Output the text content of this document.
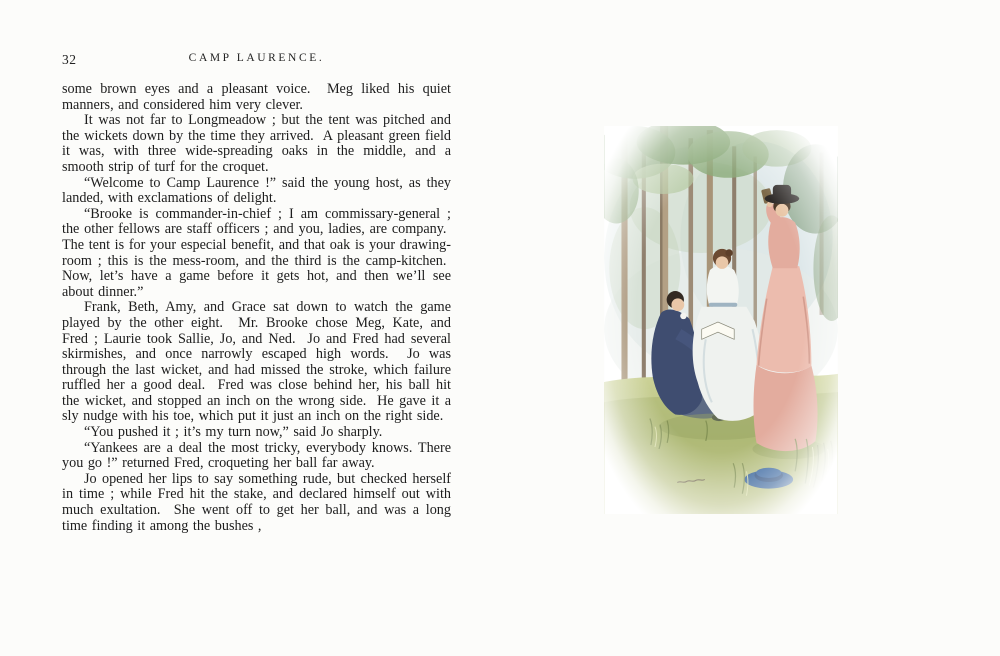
32	CAMP LAURENCE.

some brown eyes and a pleasant voice.  Meg liked his quiet manners, and considered him very clever.

It was not far to Longmeadow ; but the tent was pitched and the wickets down by the time they arrived.  A pleasant green field it was, with three wide-spreading oaks in the middle, and a smooth strip of turf for the croquet.

“Welcome to Camp Laurence !” said the young host, as they landed, with exclamations of delight.

“Brooke is commander-in-chief ; I am commissary-general ; the other fellows are staff officers ; and you, ladies, are company.  The tent is for your especial benefit, and that oak is your drawing-room ; this is the mess-room, and the third is the camp-kitchen.  Now, let’s have a game before it gets hot, and then we’ll see about dinner.”

Frank, Beth, Amy, and Grace sat down to watch the game played by the other eight.  Mr. Brooke chose Meg, Kate, and Fred ; Laurie took Sallie, Jo, and Ned.  Jo and Fred had several skirmishes, and once narrowly escaped high words.  Jo was through the last wicket, and had missed the stroke, which failure ruffled her a good deal.  Fred was close behind her, his ball hit the wicket, and stopped an inch on the wrong side.  He gave it a sly nudge with his toe, which put it just an inch on the right side.

“You pushed it ; it’s my turn now,” said Jo sharply.

“Yankees are a deal the most tricky, everybody knows. There you go !” returned Fred, croqueting her ball far away.

Jo opened her lips to say something rude, but checked herself in time ; while Fred hit the stake, and declared himself out with much exultation.  She went off to get her ball, and was a long time finding it among the bushes ,
